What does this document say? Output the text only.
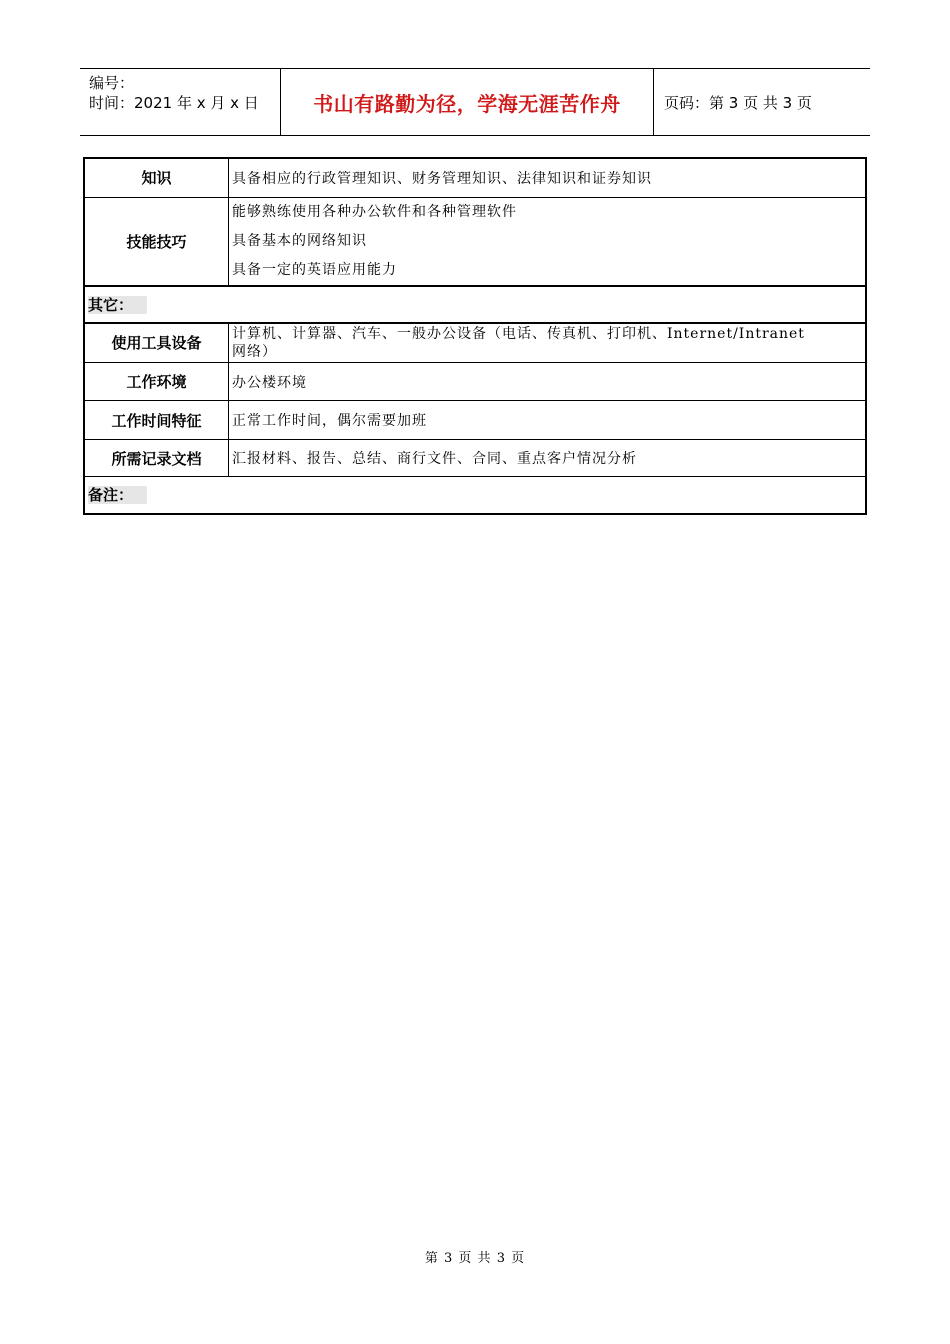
编号：
时间：2021 年 x 月 x 日	书山有路勤为径，学海无涯苦作舟	页码：第 3 页 共 3 页
知识	具备相应的行政管理知识、财务管理知识、法律知识和证券知识
技能技巧	能够熟练使用各种办公软件和各种管理软件
具备基本的网络知识
具备一定的英语应用能力

其它：	
使用工具设备	计算机、计算器、汽车、一般办公设备（电话、传真机、打印机、Internet/Intranet
网络）

工作环境	办公楼环境
工作时间特征	正常工作时间，偶尔需要加班
所需记录文档	汇报材料、报告、总结、商行文件、合同、重点客户情况分析
备注：	
第 3 页 共 3 页
